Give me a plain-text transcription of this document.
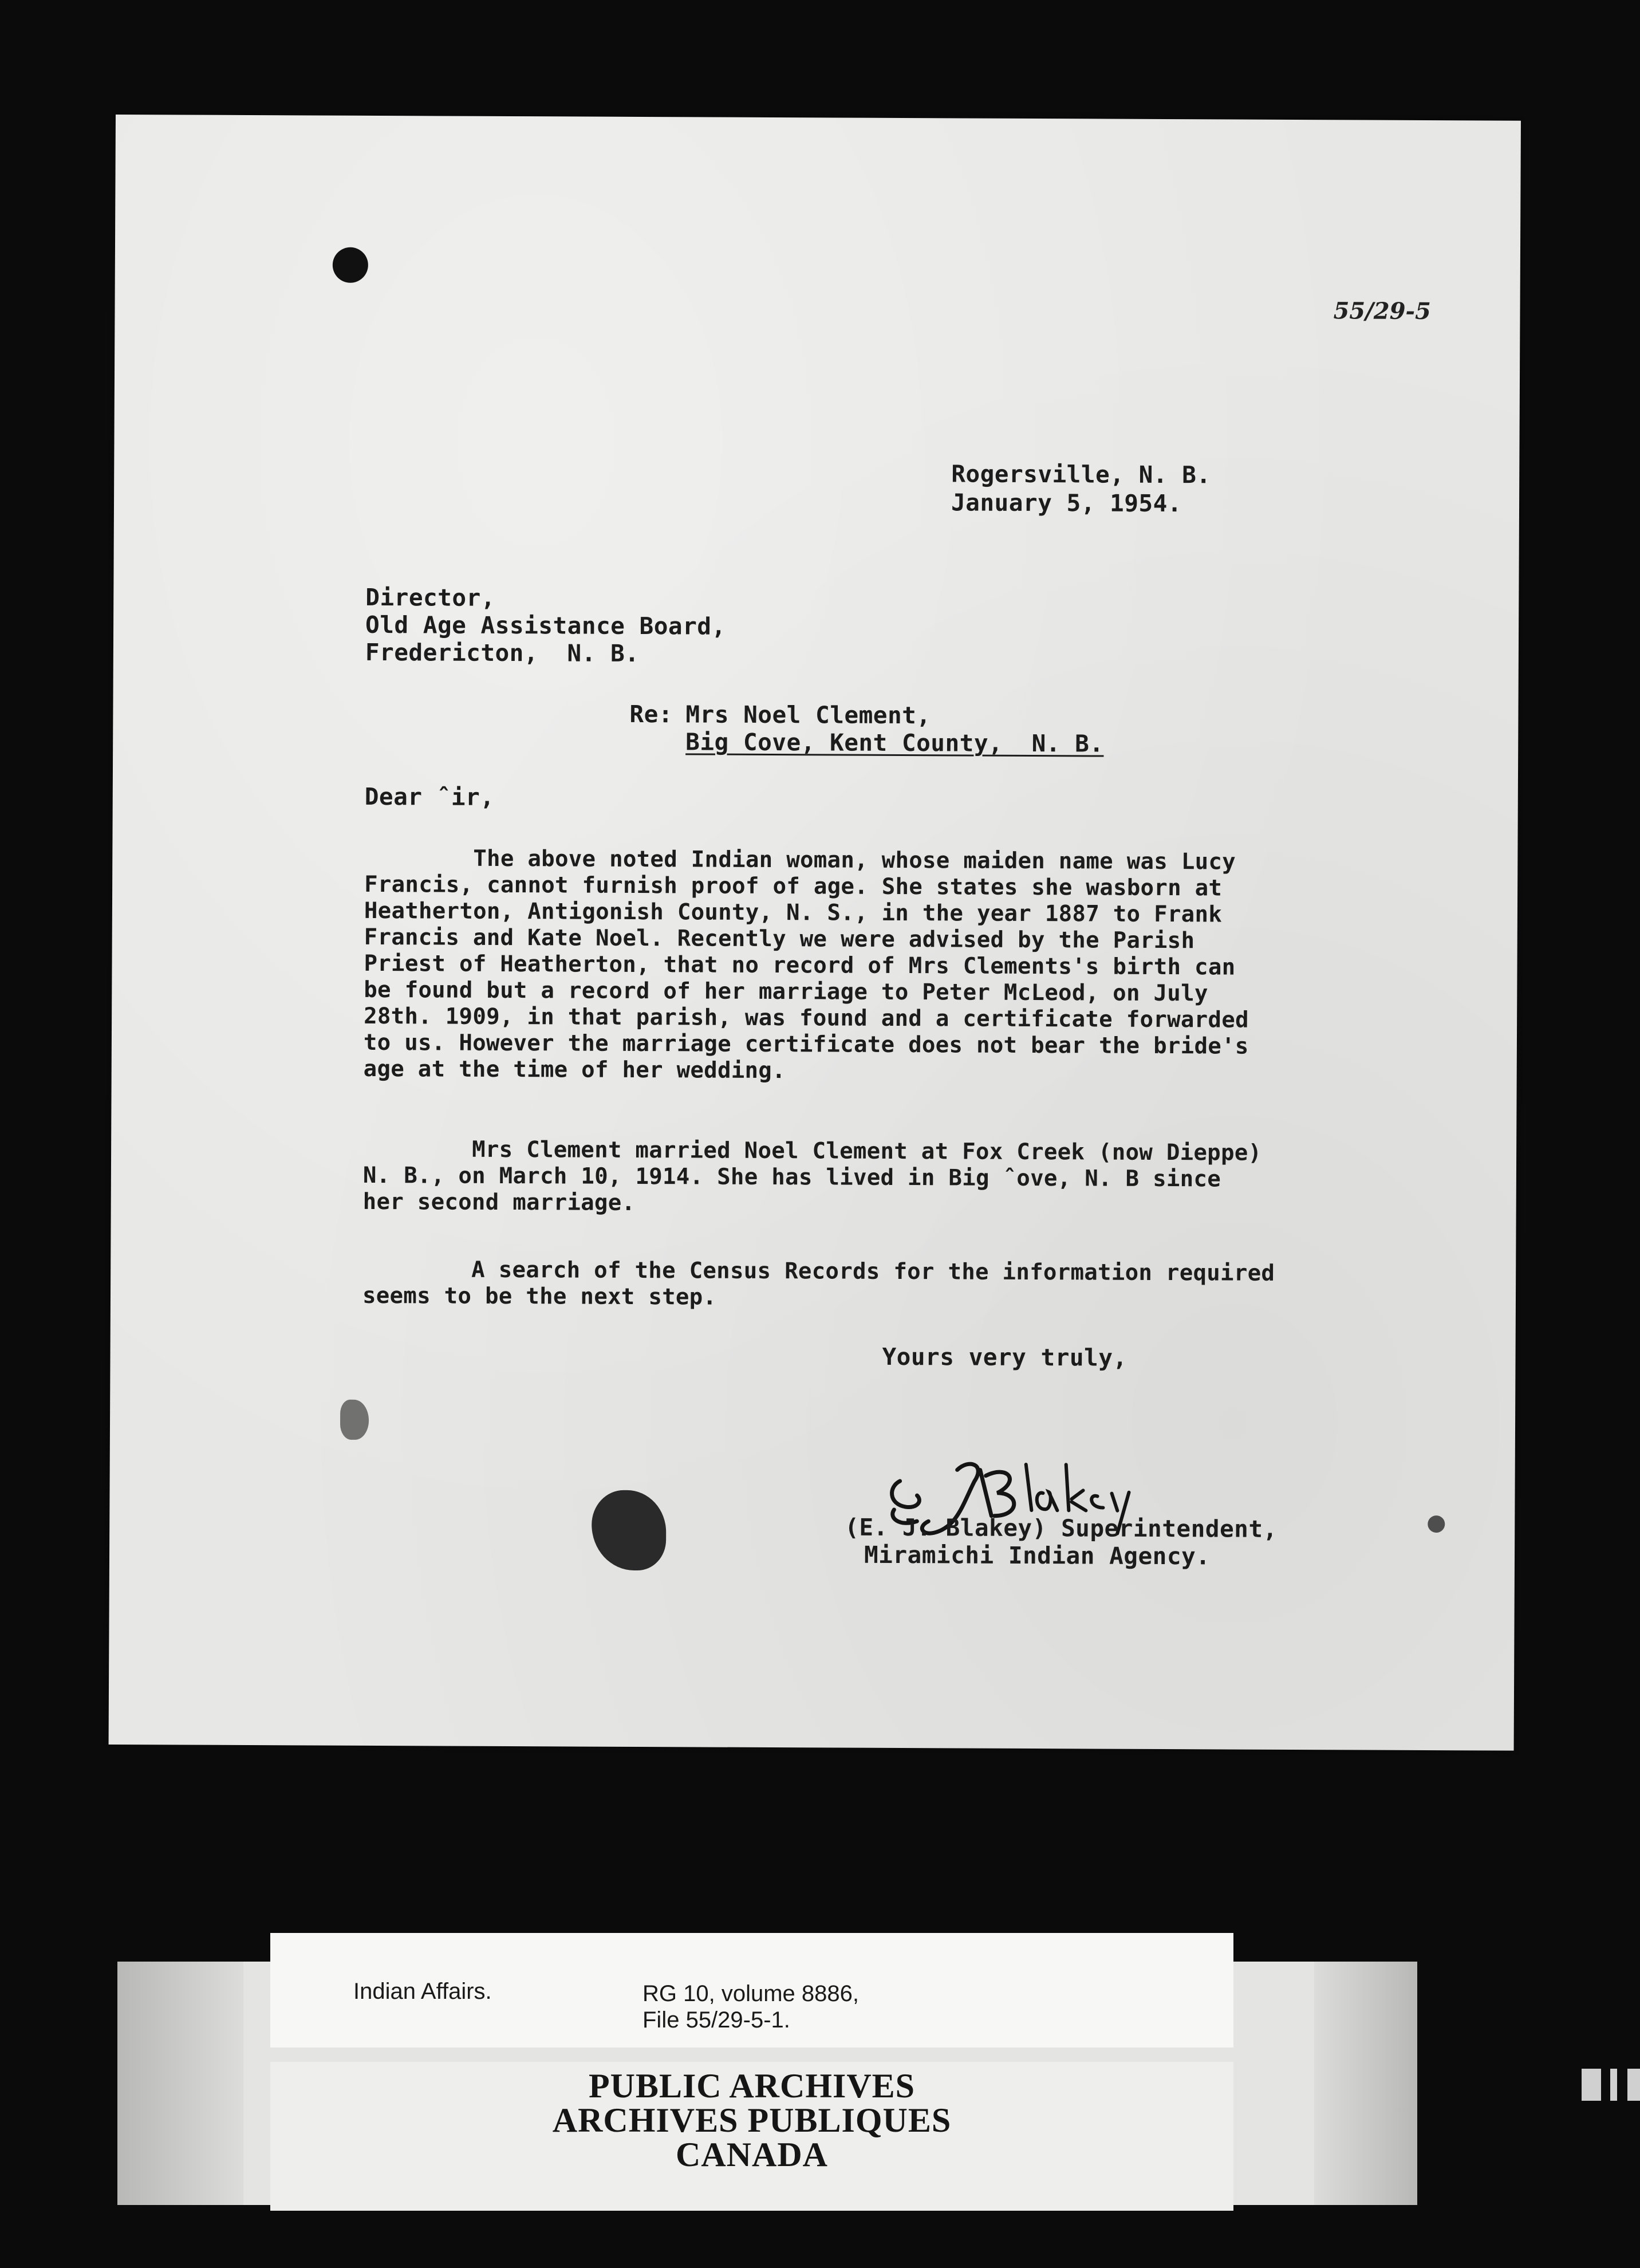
55/29-5
Rogersville, N. B.
January 5, 1954.
Director,
Old Age Assistance Board,
Fredericton,  N. B.
Re: Mrs Noel Clement,
Big Cove, Kent County,  N. B.
Dear ˆir,
The above noted Indian woman, whose maiden name was Lucy
Francis, cannot furnish proof of age. She states she wasborn at
Heatherton, Antigonish County, N. S., in the year 1887 to Frank
Francis and Kate Noel. Recently we were advised by the Parish
Priest of Heatherton, that no record of Mrs Clements's birth can
be found but a record of her marriage to Peter McLeod, on July
28th. 1909, in that parish, was found and a certificate forwarded
to us. However the marriage certificate does not bear the bride's
age at the time of her wedding.
Mrs Clement married Noel Clement at Fox Creek (now Dieppe)
N. B., on March 10, 1914. She has lived in Big ˆove, N. B since
her second marriage.
A search of the Census Records for the information required
seems to be the next step.
Yours very truly,
(E. J. Blakey) Superintendent,
Miramichi Indian Agency.
Indian Affairs.	RG 10, volume 8886,
File 55/29-5-1.
PUBLIC ARCHIVES
ARCHIVES PUBLIQUES
CANADA
